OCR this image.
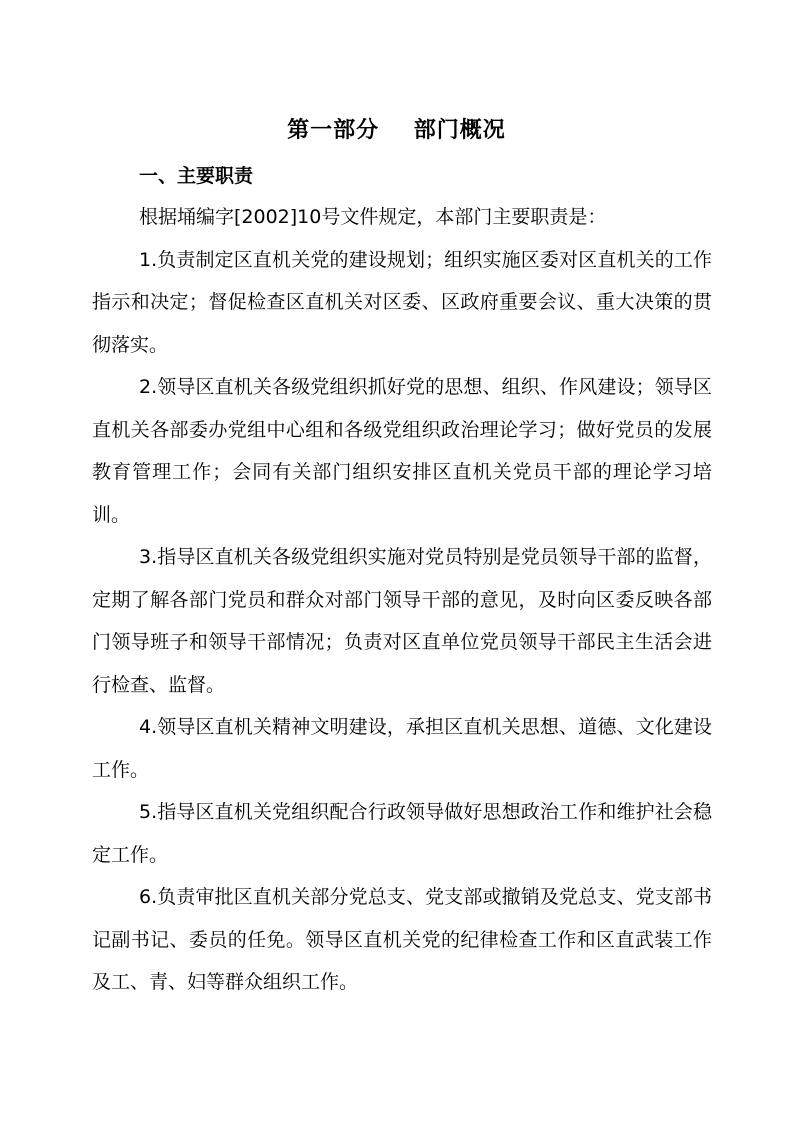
第一部分    部门概况
一、主要职责

根据埇编字[2002]10号文件规定，本部门主要职责是：

1.负责制定区直机关党的建设规划；组织实施区委对区直机关的工作指示和决定；督促检查区直机关对区委、区政府重要会议、重大决策的贯彻落实。

2.领导区直机关各级党组织抓好党的思想、组织、作风建设；领导区直机关各部委办党组中心组和各级党组织政治理论学习；做好党员的发展教育管理工作；会同有关部门组织安排区直机关党员干部的理论学习培训。

3.指导区直机关各级党组织实施对党员特别是党员领导干部的监督，定期了解各部门党员和群众对部门领导干部的意见，及时向区委反映各部门领导班子和领导干部情况；负责对区直单位党员领导干部民主生活会进行检查、监督。

4.领导区直机关精神文明建设，承担区直机关思想、道德、文化建设工作。

5.指导区直机关党组织配合行政领导做好思想政治工作和维护社会稳定工作。

6.负责审批区直机关部分党总支、党支部或撤销及党总支、党支部书记副书记、委员的任免。领导区直机关党的纪律检查工作和区直武装工作及工、青、妇等群众组织工作。
